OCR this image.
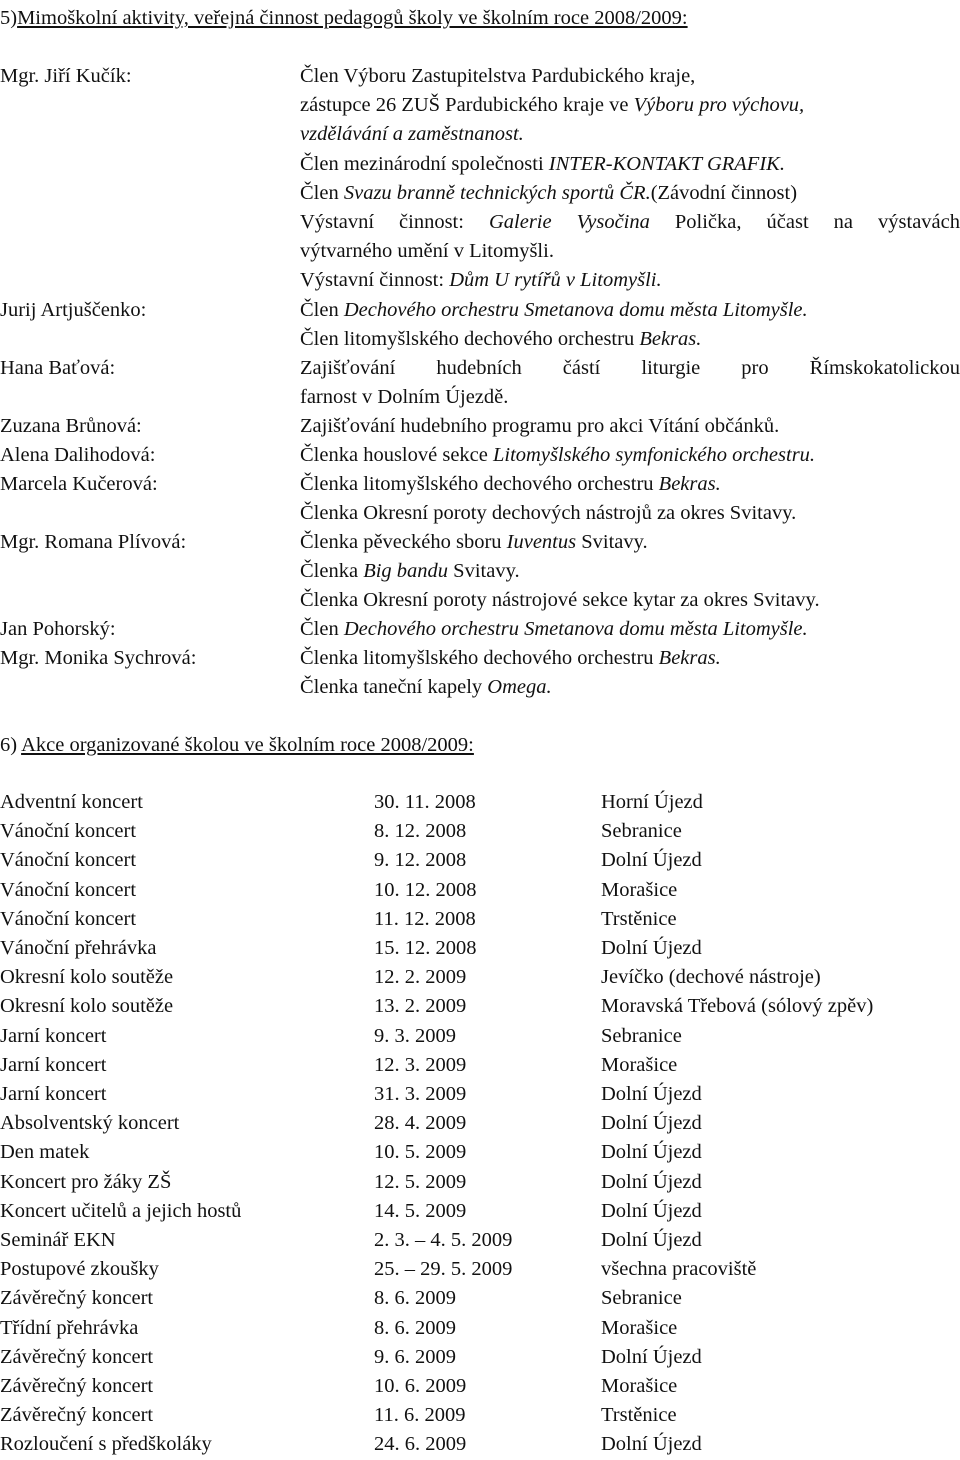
5)Mimoškolní aktivity, veřejná činnost pedagogů školy ve školním roce 2008/2009:
Mgr. Jiří Kučík:	Člen Výboru Zastupitelstva Pardubického kraje,
zástupce 26 ZUŠ Pardubického kraje ve Výboru pro výchovu,
vzdělávání a zaměstnanost.
Člen mezinárodní společnosti INTER-KONTAKT GRAFIK.
Člen Svazu branně technických sportů ČR.(Závodní činnost)
Výstavní činnost: Galerie Vysočina Polička, účast na výstavách
výtvarného umění v Litomyšli.
Výstavní činnost: Dům U rytířů v Litomyšli.
Jurij Artjuščenko:	Člen Dechového orchestru Smetanova domu města Litomyšle.
Člen litomyšlského dechového orchestru Bekras.
Hana Baťová:	Zajišťování hudebních částí liturgie pro Římskokatolickou
farnost v Dolním Újezdě.
Zuzana Brůnová:	Zajišťování hudebního programu pro akci Vítání občánků.
Alena Dalihodová:	Členka houslové sekce Litomyšlského symfonického orchestru.
Marcela Kučerová:	Členka litomyšlského dechového orchestru Bekras.
Členka Okresní poroty dechových nástrojů za okres Svitavy.
Mgr. Romana Plívová:	Členka pěveckého sboru Iuventus Svitavy.
Členka Big bandu Svitavy.
Členka Okresní poroty nástrojové sekce kytar za okres Svitavy.
Jan Pohorský:	Člen Dechového orchestru Smetanova domu města Litomyšle.
Mgr. Monika Sychrová:	Členka litomyšlského dechového orchestru Bekras.
Členka taneční kapely Omega.
6) Akce organizované školou ve školním roce 2008/2009:
Adventní koncert	30. 11. 2008	Horní Újezd
Vánoční koncert	8. 12. 2008	Sebranice
Vánoční koncert	9. 12. 2008	Dolní Újezd
Vánoční koncert	10. 12. 2008	Morašice
Vánoční koncert	11. 12. 2008	Trstěnice
Vánoční přehrávka	15. 12. 2008	Dolní Újezd
Okresní kolo soutěže	12. 2. 2009	Jevíčko (dechové nástroje)
Okresní kolo soutěže	13. 2. 2009	Moravská Třebová (sólový zpěv)
Jarní koncert	9. 3. 2009	Sebranice
Jarní koncert	12. 3. 2009	Morašice
Jarní koncert	31. 3. 2009	Dolní Újezd
Absolventský koncert	28. 4. 2009	Dolní Újezd
Den matek	10. 5. 2009	Dolní Újezd
Koncert pro žáky ZŠ	12. 5. 2009	Dolní Újezd
Koncert učitelů a jejich hostů	14. 5. 2009	Dolní Újezd
Seminář EKN	2. 3. – 4. 5. 2009	Dolní Újezd
Postupové zkoušky	25. – 29. 5. 2009	všechna pracoviště
Závěrečný koncert	8. 6. 2009	Sebranice
Třídní přehrávka	8. 6. 2009	Morašice
Závěrečný koncert	9. 6. 2009	Dolní Újezd
Závěrečný koncert	10. 6. 2009	Morašice
Závěrečný koncert	11. 6. 2009	Trstěnice
Rozloučení s předškoláky	24. 6. 2009	Dolní Újezd
